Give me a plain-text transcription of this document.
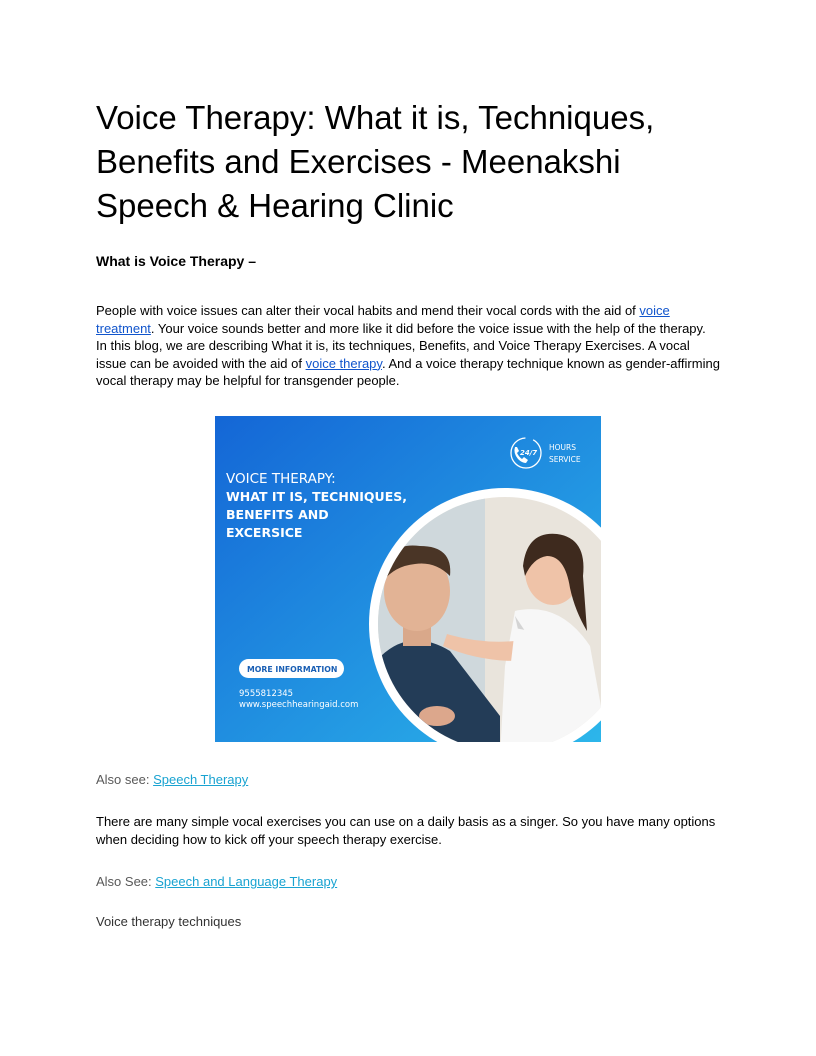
Voice Therapy: What it is, Techniques, Benefits and Exercises - Meenakshi Speech & Hearing Clinic

What is Voice Therapy –

People with voice issues can alter their vocal habits and mend their vocal cords with the aid of voice treatment. Your voice sounds better and more like it did before the voice issue with the help of the therapy. In this blog, we are describing What it is, its techniques, Benefits, and Voice Therapy Exercises. A vocal issue can be avoided with the aid of voice therapy. And a voice therapy technique known as gender-affirming vocal therapy may be helpful for transgender people.

VOICE THERAPY:
WHAT IT IS, TECHNIQUES,
BENEFITS AND
EXCERSICE
24/7
HOURS
SERVICE
MORE INFORMATION
9555812345
www.speechhearingaid.com

Also see: Speech Therapy

There are many simple vocal exercises you can use on a daily basis as a singer. So you have many options when deciding how to kick off your speech therapy exercise.

Also See: Speech and Language Therapy

Voice therapy techniques
